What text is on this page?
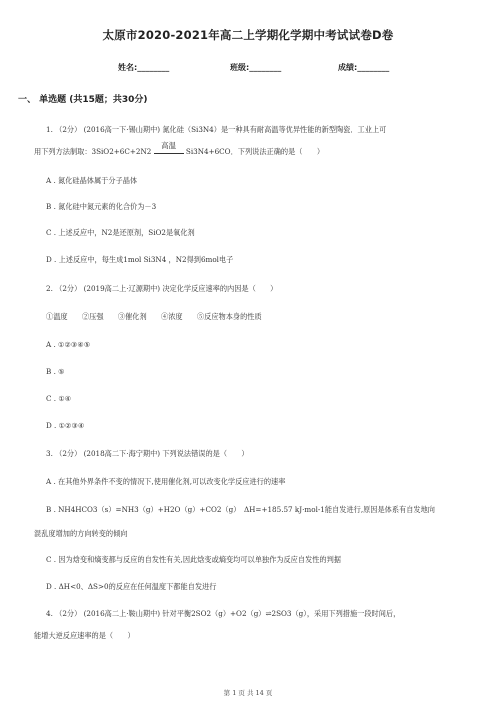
太原市2020-2021年高二上学期化学期中考试试卷D卷
姓名:________	班级:________	成绩:________
一、 单选题 (共15题；共30分)
1. （2分） (2016高一下·锡山期中) 氮化硅（Si3N4）是一种具有耐高温等优异性能的新型陶瓷．工业上可
用下列方法制取：3SiO2+6C+2N2
高温
Si3N4+6CO．下列说法正确的是（　　）
A . 氮化硅晶体属于分子晶体
B . 氮化硅中氮元素的化合价为－3
C . 上述反应中，N2是还原剂，SiO2是氧化剂
D . 上述反应中，每生成1mol Si3N4 ，N2得到6mol电子
2. （2分） (2019高二上·辽源期中) 决定化学反应速率的内因是（　　）
①温度　　②压强　　③催化剂　　④浓度　　⑤反应物本身的性质
A . ①②③④⑤
B . ⑤
C . ①④
D . ①②③④
3. （2分） (2018高二下·海宁期中) 下列说法错误的是（　　）
A . 在其他外界条件不变的情况下,使用催化剂,可以改变化学反应进行的速率
B . NH4HCO3（s）=NH3（g）+H2O（g）+CO2（g）　ΔH=+185.57 kJ·mol-1能自发进行,原因是体系有自发地向
混乱度增加的方向转变的倾向
C . 因为焓变和熵变都与反应的自发性有关,因此焓变或熵变均可以单独作为反应自发性的判据
D . ΔH<0、ΔS>0的反应在任何温度下都能自发进行
4. （2分） (2016高二上·鞍山期中) 针对平衡2SO2（g）+O2（g）⇌2SO3（g），采用下列措施一段时间后，
能增大逆反应速率的是（　　）
第 1 页 共 14 页
